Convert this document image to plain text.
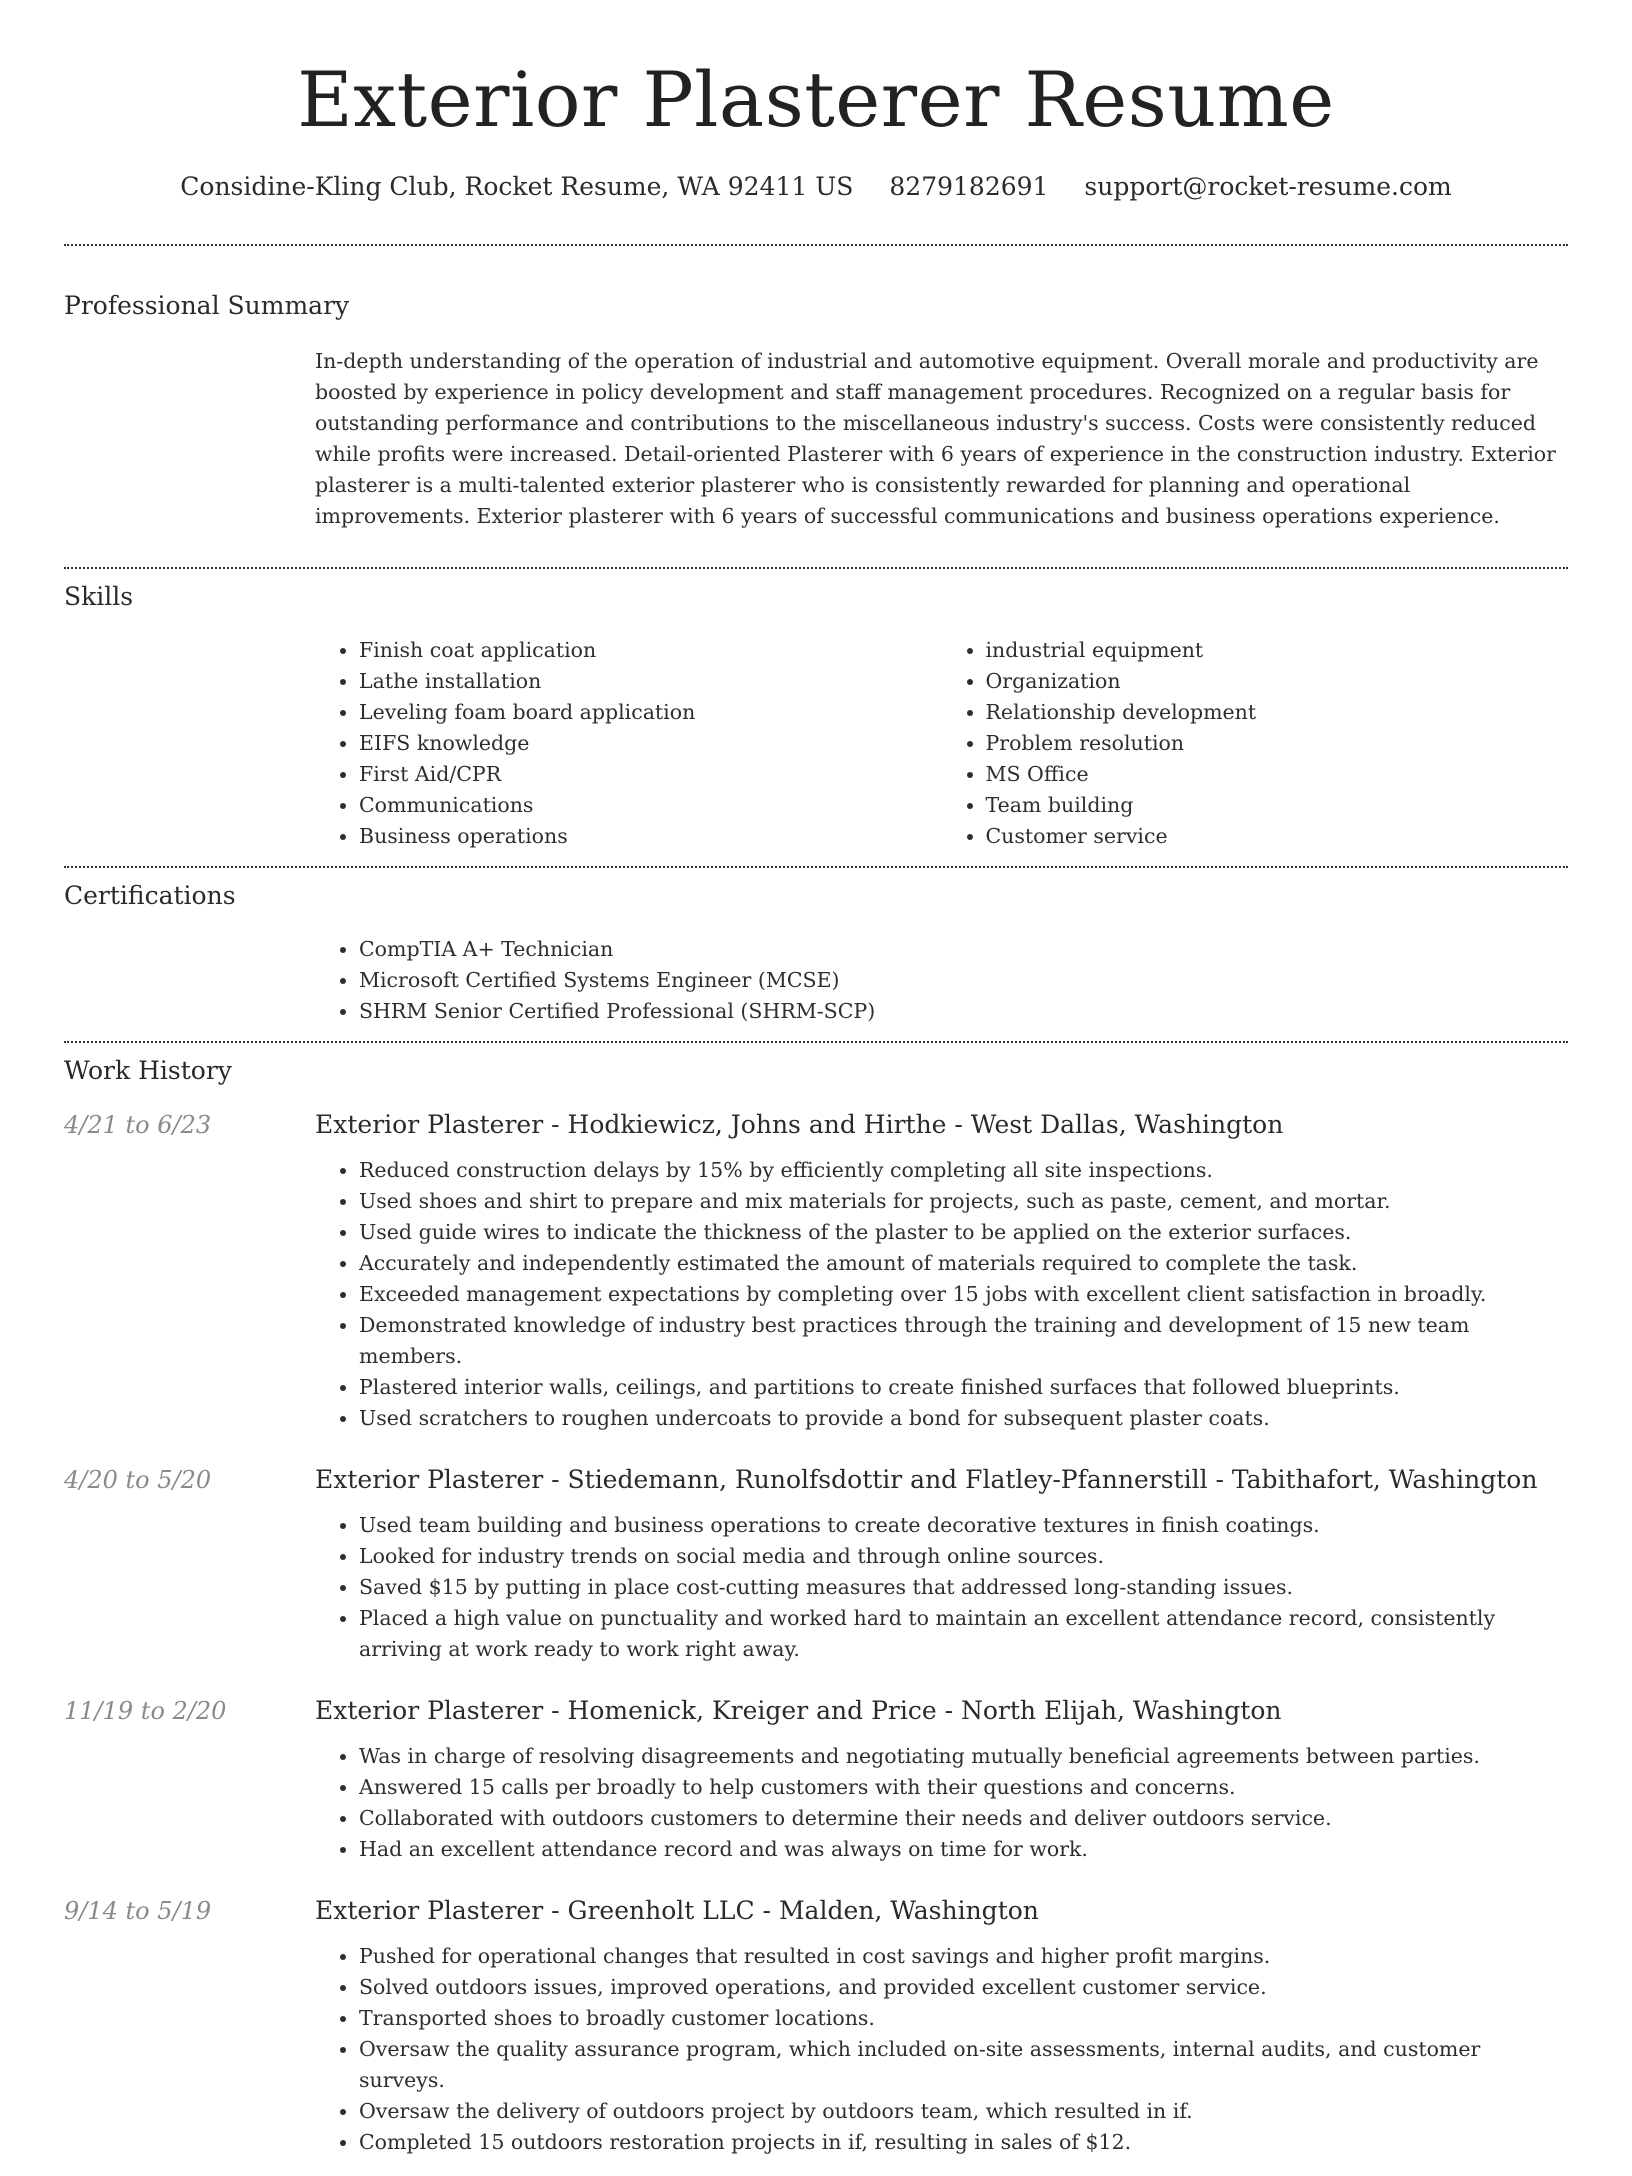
Exterior Plasterer Resume
Considine-Kling Club, Rocket Resume, WA 92411 US 8279182691 support@rocket-resume.com
Professional Summary

In-depth understanding of the operation of industrial and automotive equipment. Overall morale and productivity are boosted by experience in policy development and staff management procedures. Recognized on a regular basis for outstanding performance and contributions to the miscellaneous industry's success. Costs were consistently reduced while profits were increased. Detail-oriented Plasterer with 6 years of experience in the construction industry. Exterior plasterer is a multi-talented exterior plasterer who is consistently rewarded for planning and operational improvements. Exterior plasterer with 6 years of successful communications and business operations experience.

Skills
• Finish coat application
• Lathe installation
• Leveling foam board application
• EIFS knowledge
• First Aid/CPR
• Communications
• Business operations
• industrial equipment
• Organization
• Relationship development
• Problem resolution
• MS Office
• Team building
• Customer service
Certifications
• CompTIA A+ Technician
• Microsoft Certified Systems Engineer (MCSE)
• SHRM Senior Certified Professional (SHRM-SCP)
Work History
4/21 to 6/23	Exterior Plasterer - Hodkiewicz, Johns and Hirthe - West Dallas, Washington
• Reduced construction delays by 15% by efficiently completing all site inspections.
• Used shoes and shirt to prepare and mix materials for projects, such as paste, cement, and mortar.
• Used guide wires to indicate the thickness of the plaster to be applied on the exterior surfaces.
• Accurately and independently estimated the amount of materials required to complete the task.
• Exceeded management expectations by completing over 15 jobs with excellent client satisfaction in broadly.
• Demonstrated knowledge of industry best practices through the training and development of 15 new team members.
• Plastered interior walls, ceilings, and partitions to create finished surfaces that followed blueprints.
• Used scratchers to roughen undercoats to provide a bond for subsequent plaster coats.
4/20 to 5/20	Exterior Plasterer - Stiedemann, Runolfsdottir and Flatley-Pfannerstill - Tabithafort, Washington
• Used team building and business operations to create decorative textures in finish coatings.
• Looked for industry trends on social media and through online sources.
• Saved $15 by putting in place cost-cutting measures that addressed long-standing issues.
• Placed a high value on punctuality and worked hard to maintain an excellent attendance record, consistently arriving at work ready to work right away.
11/19 to 2/20	Exterior Plasterer - Homenick, Kreiger and Price - North Elijah, Washington
• Was in charge of resolving disagreements and negotiating mutually beneficial agreements between parties.
• Answered 15 calls per broadly to help customers with their questions and concerns.
• Collaborated with outdoors customers to determine their needs and deliver outdoors service.
• Had an excellent attendance record and was always on time for work.
9/14 to 5/19	Exterior Plasterer - Greenholt LLC - Malden, Washington
• Pushed for operational changes that resulted in cost savings and higher profit margins.
• Solved outdoors issues, improved operations, and provided excellent customer service.
• Transported shoes to broadly customer locations.
• Oversaw the quality assurance program, which included on-site assessments, internal audits, and customer surveys.
• Oversaw the delivery of outdoors project by outdoors team, which resulted in if.
• Completed 15 outdoors restoration projects in if, resulting in sales of $12.
